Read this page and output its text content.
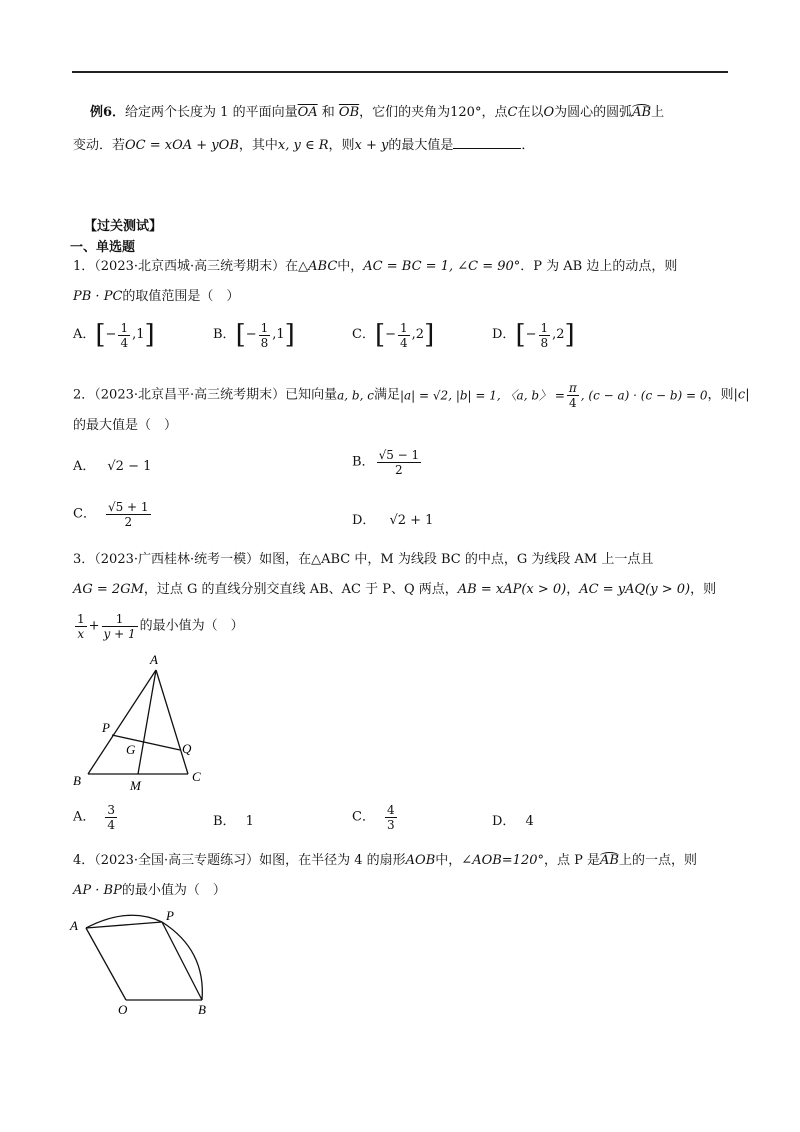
例6．给定两个长度为 1 的平面向量$\overline{OA}$ 和 $\overline{OB}$，它们的夹角为120°，点C在以O为圆心的圆弧AB上
变动．若OC = xOA + yOB，其中x, y ∈ R，则x + y的最大值是	．
【过关测试】
一、单选题
1．（2023·北京西城·高三统考期末）在△ABC中，AC = BC = 1, ∠C = 90°．P 为 AB 边上的动点，则
PB · PC的取值范围是（　）
A．[− $\frac{1}{4} ,1$]	B．[− $\frac{1}{8} ,1$]	C．[− $\frac{1}{4} ,2$]	D．[− $\frac{1}{8} ,2$]
2．（2023·北京昌平·高三统考期末）已知向量a, b, c满足|a| = √2, |b| = 1, 〈a, b〉 = $\frac{\pi}{4}$ , (c − a) · (c − b) = 0，则|c|
的最大值是（　）
A． √2 − 1	B． $\frac{√5 - 1}{2}$
C． $\frac{√5 + 1}{2}$	D． √2 + 1
3．（2023·广西桂林·统考一模）如图，在△ABC 中，M 为线段 BC 的中点，G 为线段 AM 上一点且
AG = 2GM，过点 G 的直线分别交直线 AB、AC 于 P、Q 两点，AB = xAP(x > 0)，AC = yAQ(y > 0)，则
$\frac{1}{x} + \frac{1}{y + 1}$ 的最小值为（　）
A
B	C
P
Q
G
M
A． $\frac{3}{4}$	B． 1	C． $\frac{4}{3}$	D． 4
4．（2023·全国·高三专题练习）如图，在半径为 4 的扇形AOB中，∠AOB=120°，点 P 是AB上的一点，则
AP · BP的最小值为（　）
A
P
O	B
